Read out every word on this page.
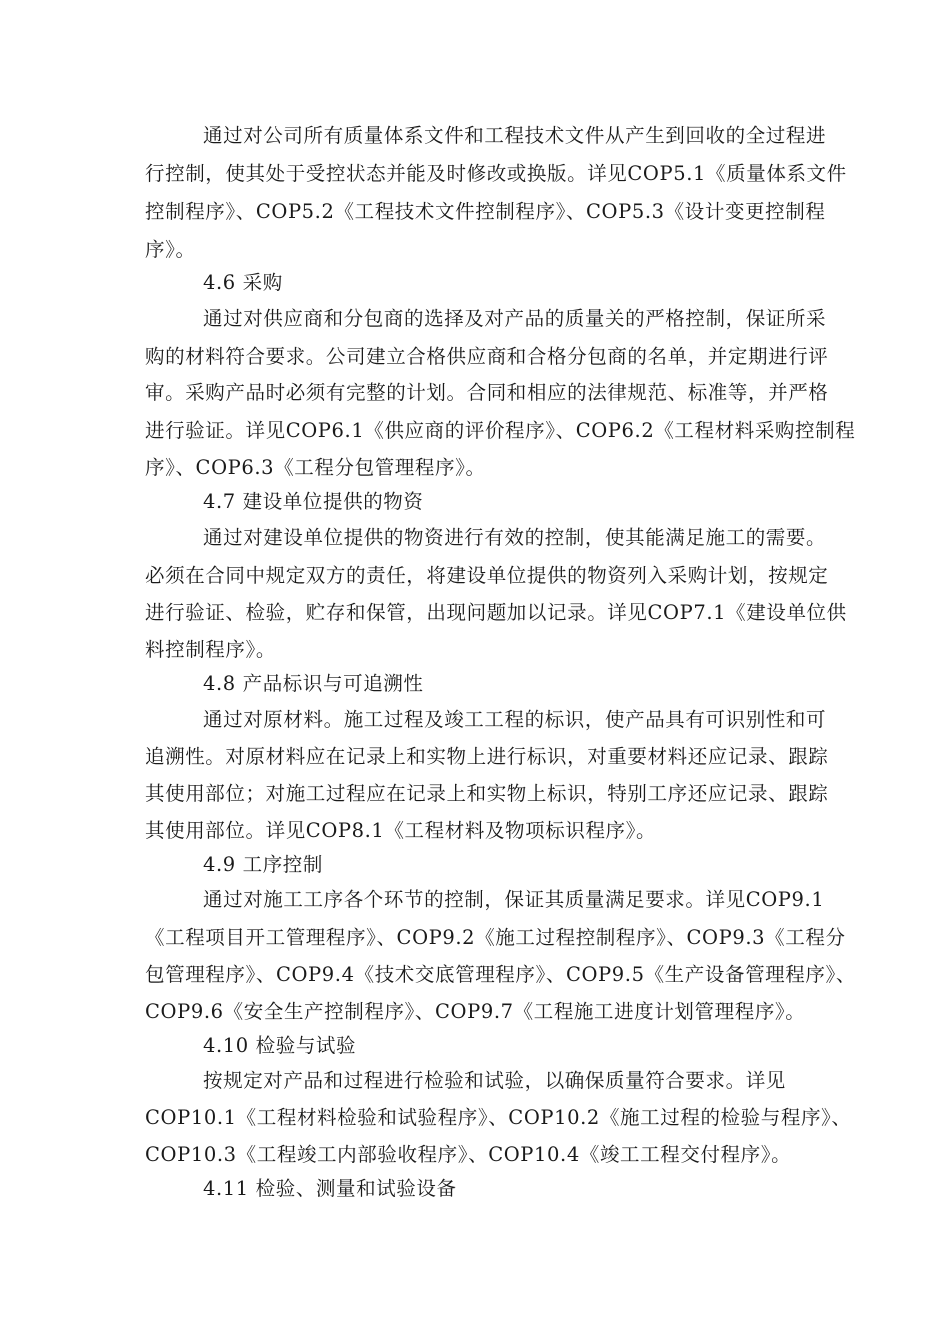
通过对公司所有质量体系文件和工程技术文件从产生到回收的全过程进
行控制，使其处于受控状态并能及时修改或换版。详见COP5.1《质量体系文件
控制程序》、COP5.2《工程技术文件控制程序》、COP5.3《设计变更控制程
序》。
4.6 采购
通过对供应商和分包商的选择及对产品的质量关的严格控制，保证所采
购的材料符合要求。公司建立合格供应商和合格分包商的名单，并定期进行评
审。采购产品时必须有完整的计划。合同和相应的法律规范、标准等，并严格
进行验证。详见COP6.1《供应商的评价程序》、COP6.2《工程材料采购控制程
序》、COP6.3《工程分包管理程序》。
4.7 建设单位提供的物资
通过对建设单位提供的物资进行有效的控制，使其能满足施工的需要。
必须在合同中规定双方的责任，将建设单位提供的物资列入采购计划，按规定
进行验证、检验，贮存和保管，出现问题加以记录。详见COP7.1《建设单位供
料控制程序》。
4.8 产品标识与可追溯性
通过对原材料。施工过程及竣工工程的标识，使产品具有可识别性和可
追溯性。对原材料应在记录上和实物上进行标识，对重要材料还应记录、跟踪
其使用部位；对施工过程应在记录上和实物上标识，特别工序还应记录、跟踪
其使用部位。详见COP8.1《工程材料及物项标识程序》。
4.9 工序控制
通过对施工工序各个环节的控制，保证其质量满足要求。详见COP9.1
《工程项目开工管理程序》、COP9.2《施工过程控制程序》、COP9.3《工程分
包管理程序》、COP9.4《技术交底管理程序》、COP9.5《生产设备管理程序》、
COP9.6《安全生产控制程序》、COP9.7《工程施工进度计划管理程序》。
4.10 检验与试验
按规定对产品和过程进行检验和试验，以确保质量符合要求。详见
COP10.1《工程材料检验和试验程序》、COP10.2《施工过程的检验与程序》、
COP10.3《工程竣工内部验收程序》、COP10.4《竣工工程交付程序》。
4.11 检验、测量和试验设备
